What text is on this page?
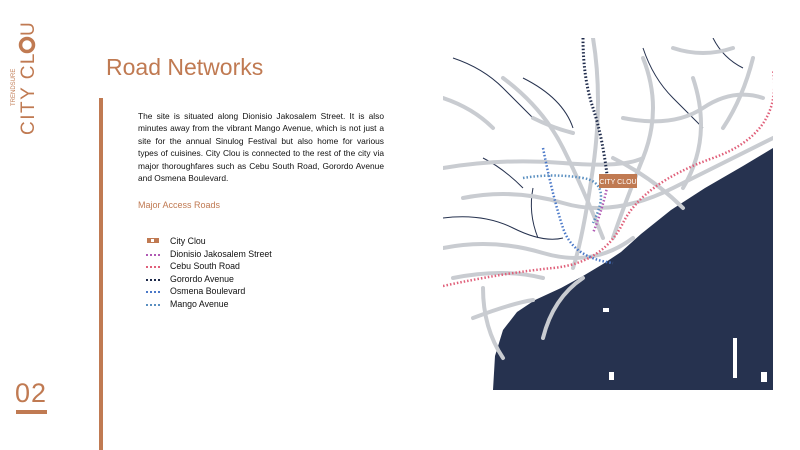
CITY CL
U
TRENDSURE
02
Road Networks

The site is situated along Dionisio Jakosalem Street. It is also minutes away from the vibrant Mango Avenue, which is not just a site for the annual Sinulog Festival but also home for various types of cuisines. City Clou is connected to the rest of the city via major thoroughfares such as Cebu South Road, Gorordo Avenue and Osmena Boulevard.

Major Access Roads
City Clou
Dionisio Jakosalem Street
Cebu South Road
Gorordo Avenue
Osmena Boulevard
Mango Avenue
CITY CLOU
